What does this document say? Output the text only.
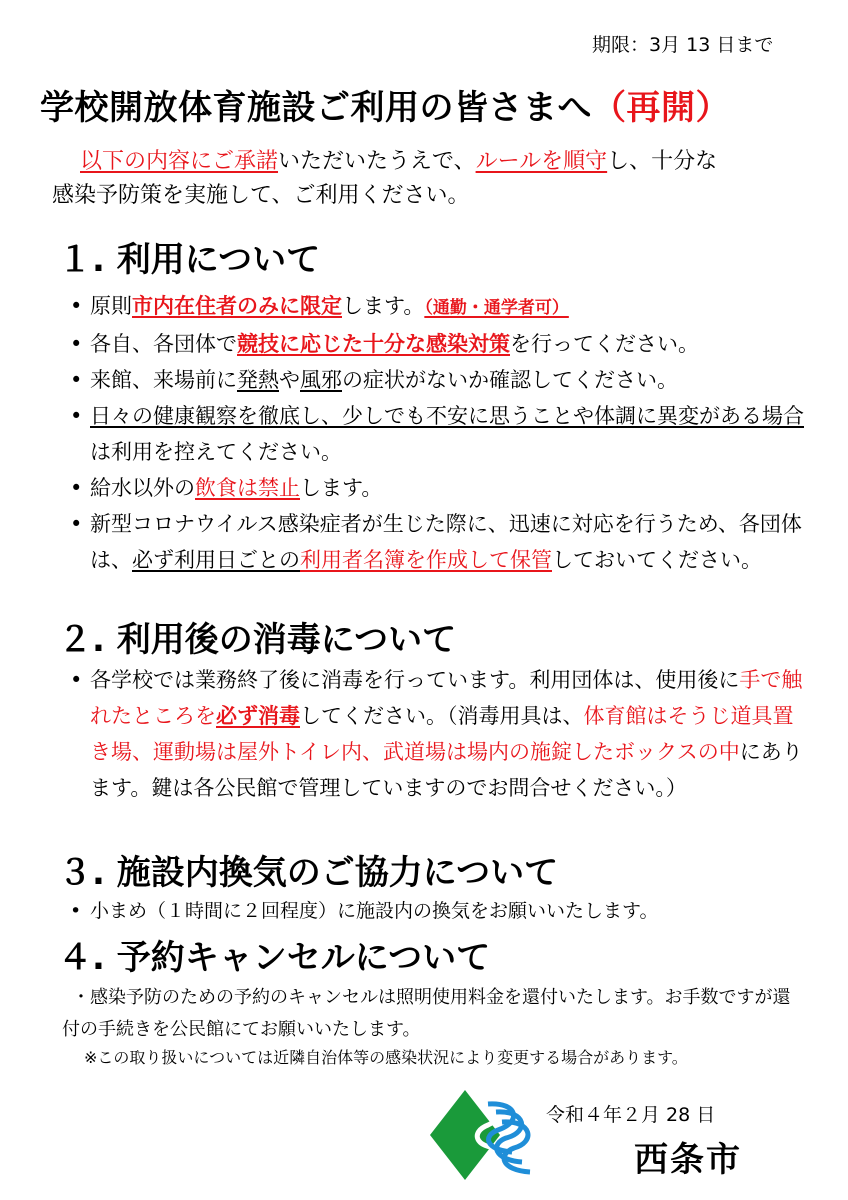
期限：3月 13 日まで
学校開放体育施設ご利用の皆さまへ（再開）
以下の内容にご承諾いただいたうえで、ルールを順守し、十分な
感染予防策を実施して、ご利用ください。
１. 利用について
• 原則市内在住者のみに限定します。（通勤・通学者可）
• 各自、各団体で競技に応じた十分な感染対策を行ってください。
• 来館、来場前に発熱や風邪の症状がないか確認してください。
• 日々の健康観察を徹底し、少しでも不安に思うことや体調に異変がある場合は利用を控えてください。
• 給水以外の飲食は禁止します。
• 新型コロナウイルス感染症者が生じた際に、迅速に対応を行うため、各団体は、必ず利用日ごとの利用者名簿を作成して保管しておいてください。
２. 利用後の消毒について
• 各学校では業務終了後に消毒を行っています。利用団体は、使用後に手で触れたところを必ず消毒してください。（消毒用具は、体育館はそうじ道具置き場、運動場は屋外トイレ内、武道場は場内の施錠したボックスの中にあります。鍵は各公民館で管理していますのでお問合せください。）
３. 施設内換気のご協力について
• 小まめ（１時間に２回程度）に施設内の換気をお願いいたします。
４. 予約キャンセルについて
・感染予防のための予約のキャンセルは照明使用料金を還付いたします。お手数ですが還付の手続きを公民館にてお願いいたします。
※この取り扱いについては近隣自治体等の感染状況により変更する場合があります。
令和４年２月 28 日
西条市
